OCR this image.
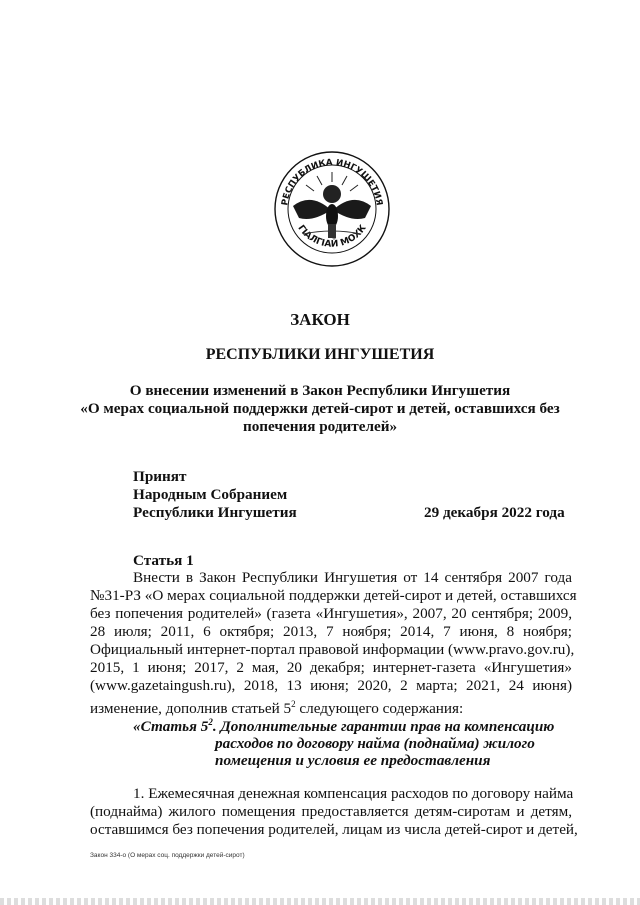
РЕСПУБЛИКА ИНГУШЕТИЯ
ГӀАЛГӀАЙ МОХК
ЗАКОН
РЕСПУБЛИКИ ИНГУШЕТИЯ
О внесении изменений в Закон Республики Ингушетия
«О мерах социальной поддержки детей-сирот и детей, оставшихся без
попечения родителей»
Принят
Народным Собранием
Республики Ингушетия	29 декабря 2022 года
Статья 1
Внести в Закон Республики Ингушетия от 14 сентября 2007 года
№31-РЗ «О мерах социальной поддержки детей-сирот и детей, оставшихся
без попечения родителей» (газета «Ингушетия», 2007, 20 сентября; 2009,
28 июля; 2011, 6 октября; 2013, 7 ноября; 2014, 7 июня, 8 ноября;
Официальный интернет-портал правовой информации (www.pravo.gov.ru),
2015, 1 июня; 2017, 2 мая, 20 декабря; интернет-газета «Ингушетия»
(www.gazetaingush.ru), 2018, 13 июня; 2020, 2 марта; 2021, 24 июня)
изменение, дополнив статьей $5^2$ следующего содержания:
«Статья $5^2$. Дополнительные гарантии прав на компенсацию
расходов по договору найма (поднайма) жилого
помещения и условия ее предоставления
1. Ежемесячная денежная компенсация расходов по договору найма
(поднайма) жилого помещения предоставляется детям-сиротам и детям,
оставшимся без попечения родителей, лицам из числа детей-сирот и детей,
Закон 334-о (О мерах соц. поддержки детей-сирот)
